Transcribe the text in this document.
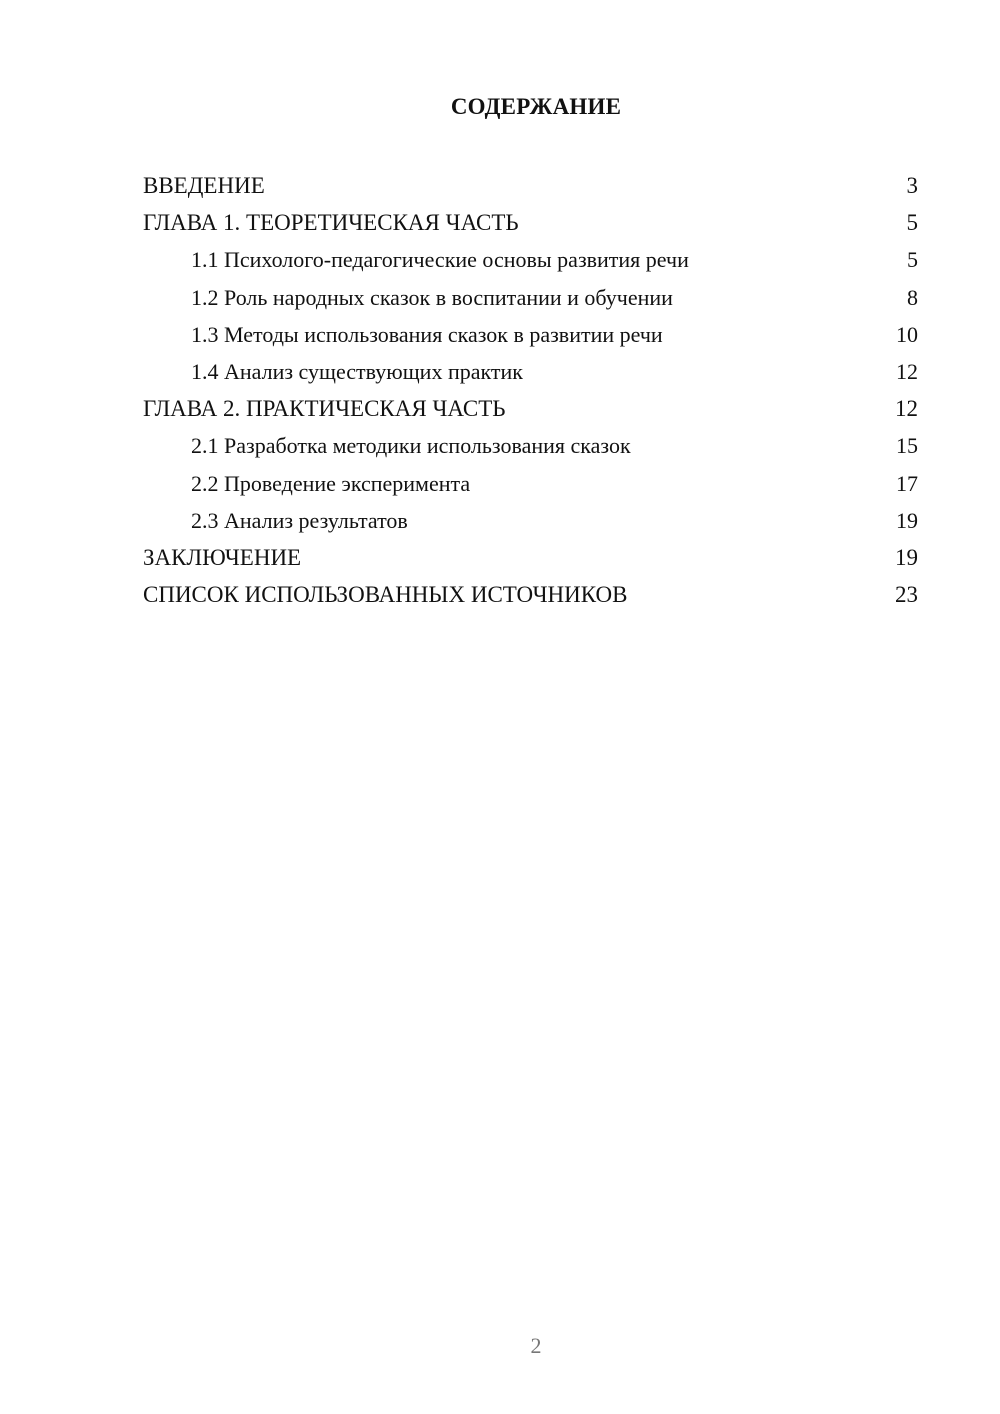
СОДЕРЖАНИЕ
ВВЕДЕНИЕ	3
ГЛАВА 1. ТЕОРЕТИЧЕСКАЯ ЧАСТЬ	5
1.1 Психолого-педагогические основы развития речи	5
1.2 Роль народных сказок в воспитании и обучении	8
1.3 Методы использования сказок в развитии речи	10
1.4 Анализ существующих практик	12
ГЛАВА 2. ПРАКТИЧЕСКАЯ ЧАСТЬ	12
2.1 Разработка методики использования сказок	15
2.2 Проведение эксперимента	17
2.3 Анализ результатов	19
ЗАКЛЮЧЕНИЕ	19
СПИСОК ИСПОЛЬЗОВАННЫХ ИСТОЧНИКОВ	23
2
